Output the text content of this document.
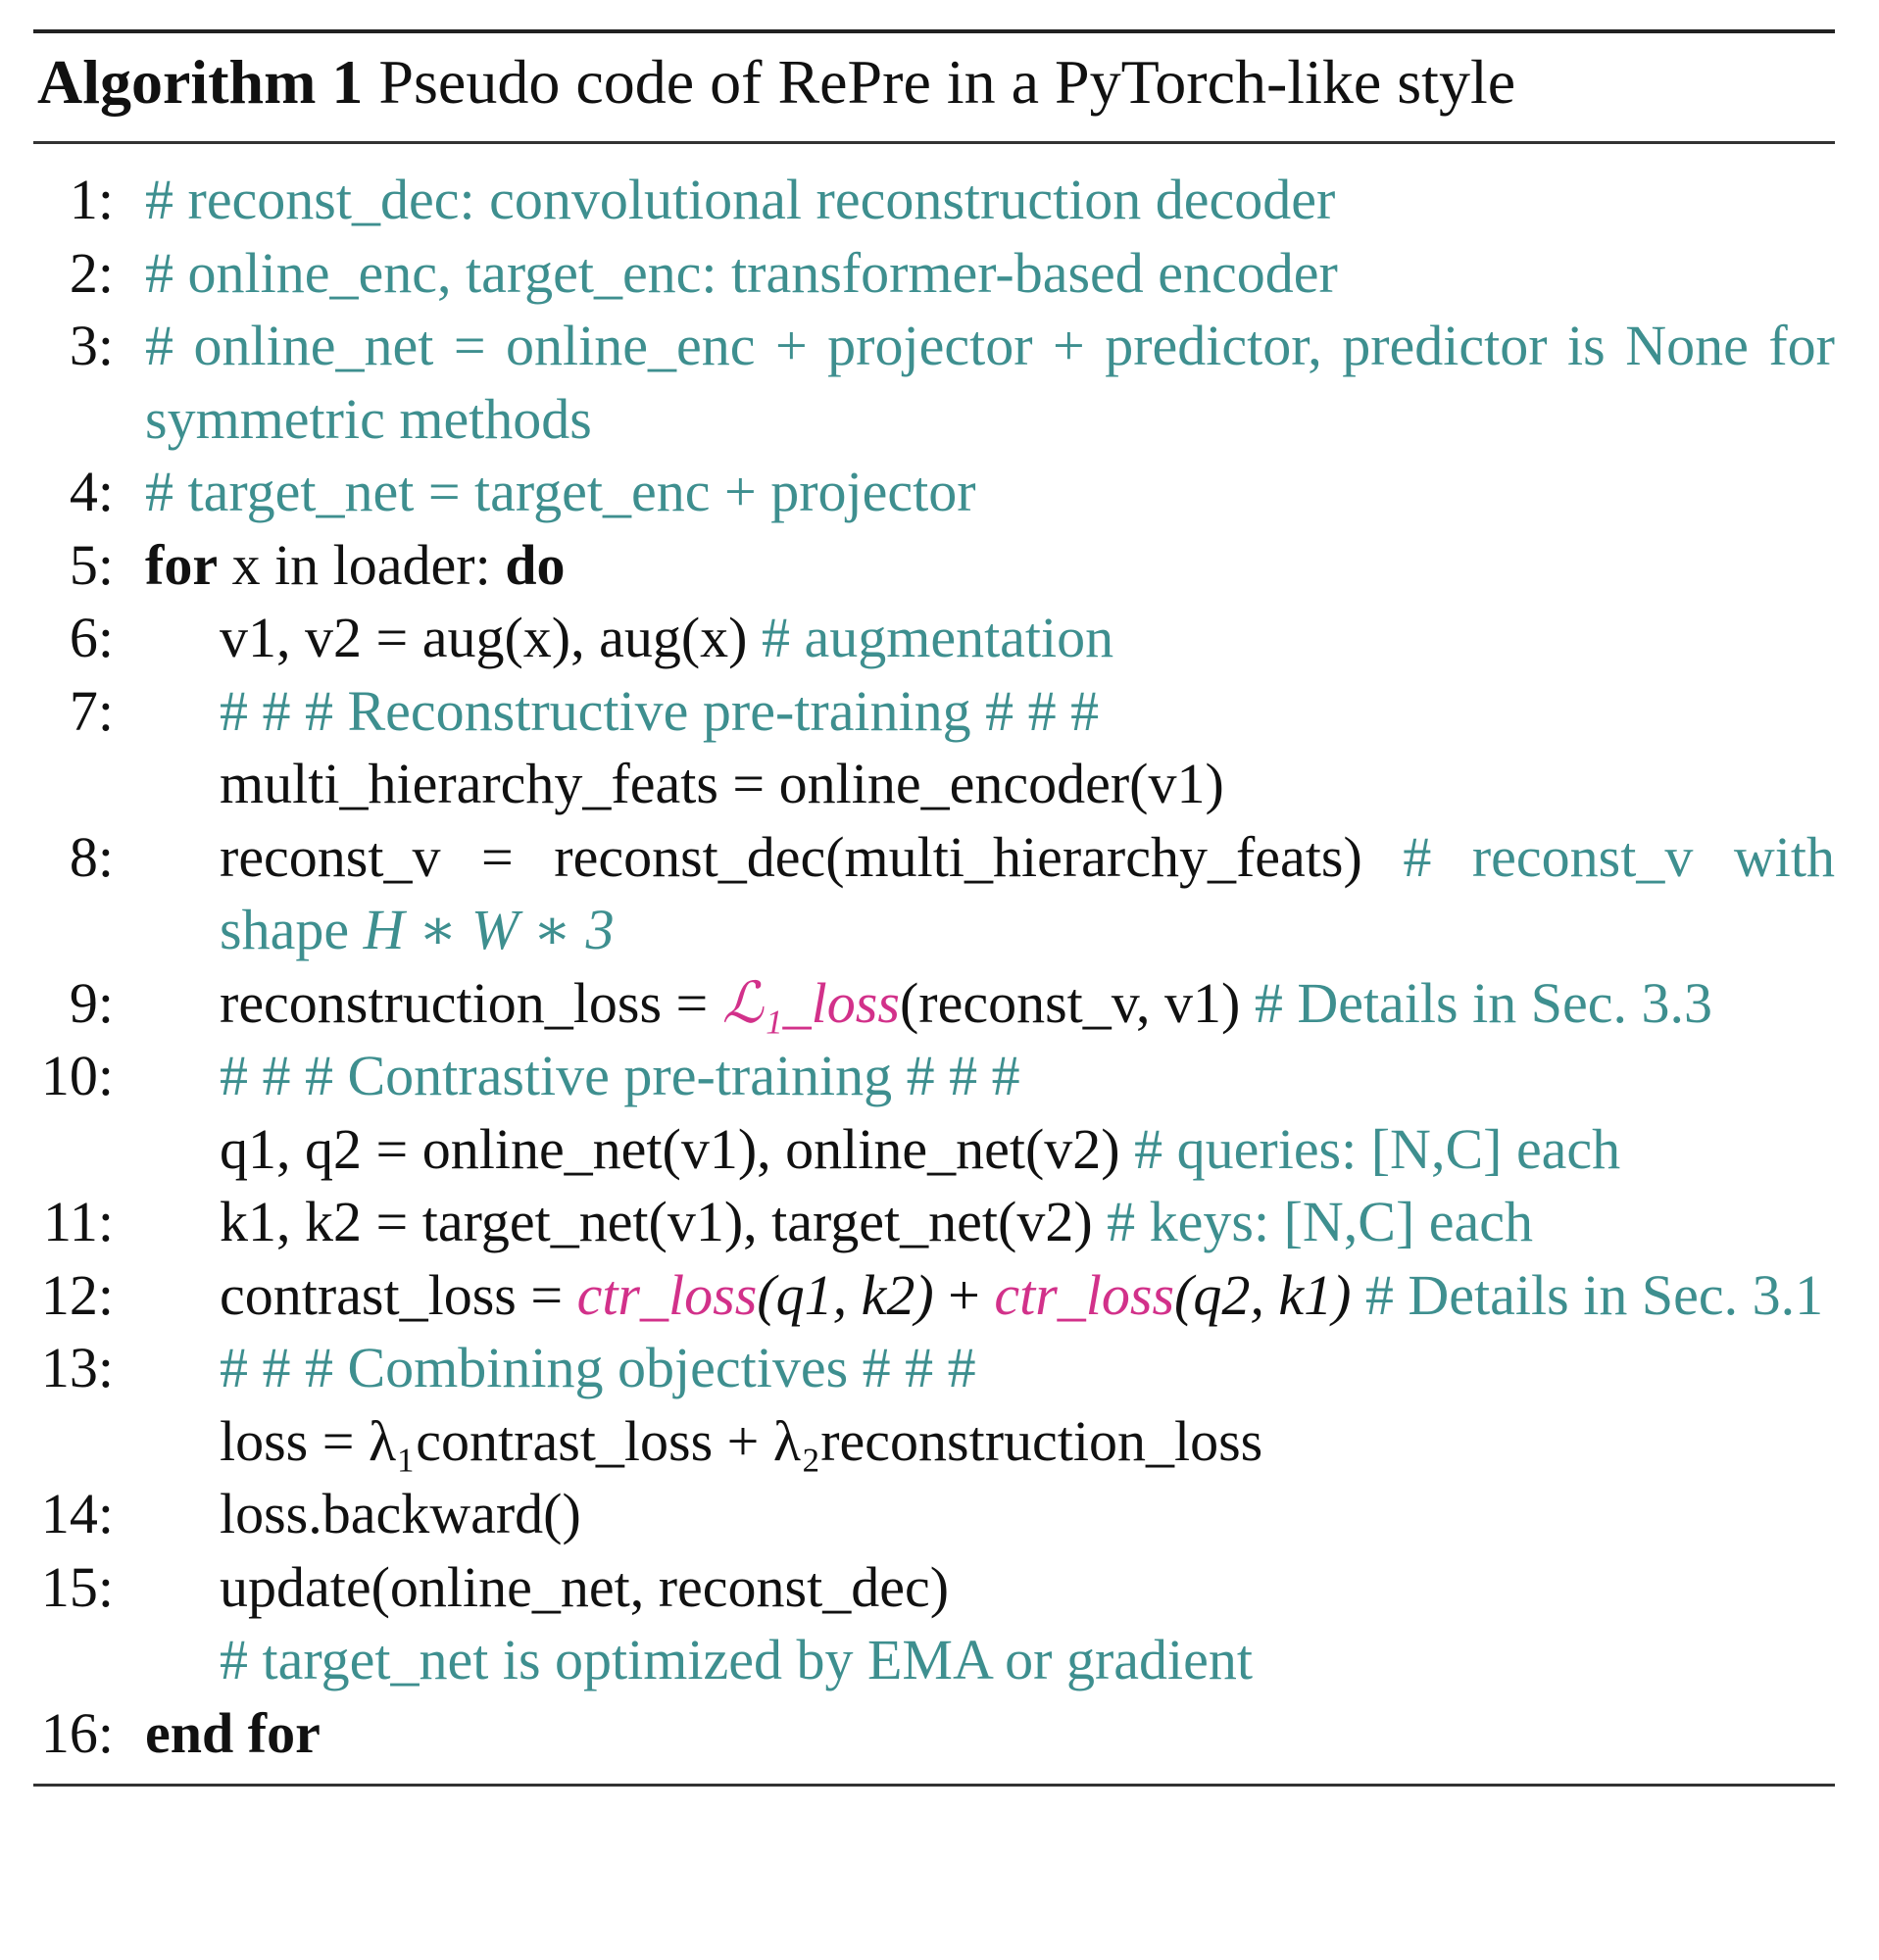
Algorithm 1 Pseudo code of RePre in a PyTorch-like style
1: # reconst_dec: convolutional reconstruction decoder
2: # online_enc, target_enc: transformer-based encoder
3: # online_net = online_enc + projector + predictor, predictor is None for symmetric methods
4: # target_net = target_enc + projector
5: for x in loader: do
6: v1, v2 = aug(x), aug(x) # augmentation
7: # # # Reconstructive pre-training # # #
multi_hierarchy_feats = online_encoder(v1)
8: reconst_v = reconst_dec(multi_hierarchy_feats) # reconst_v with shape H ∗ W ∗ 3
9: reconstruction_loss = ℒ₁_loss(reconst_v, v1) # Details in Sec. 3.3
10: # # # Contrastive pre-training # # #
q1, q2 = online_net(v1), online_net(v2) # queries: [N,C] each
11: k1, k2 = target_net(v1), target_net(v2) # keys: [N,C] each
12: contrast_loss = ctr_loss(q1, k2) + ctr_loss(q2, k1) # Details in Sec. 3.1
13: # # # Combining objectives # # #
loss = λ₁contrast_loss + λ₂reconstruction_loss
14: loss.backward()
15: update(online_net, reconst_dec)
# target_net is optimized by EMA or gradient
16: end for
